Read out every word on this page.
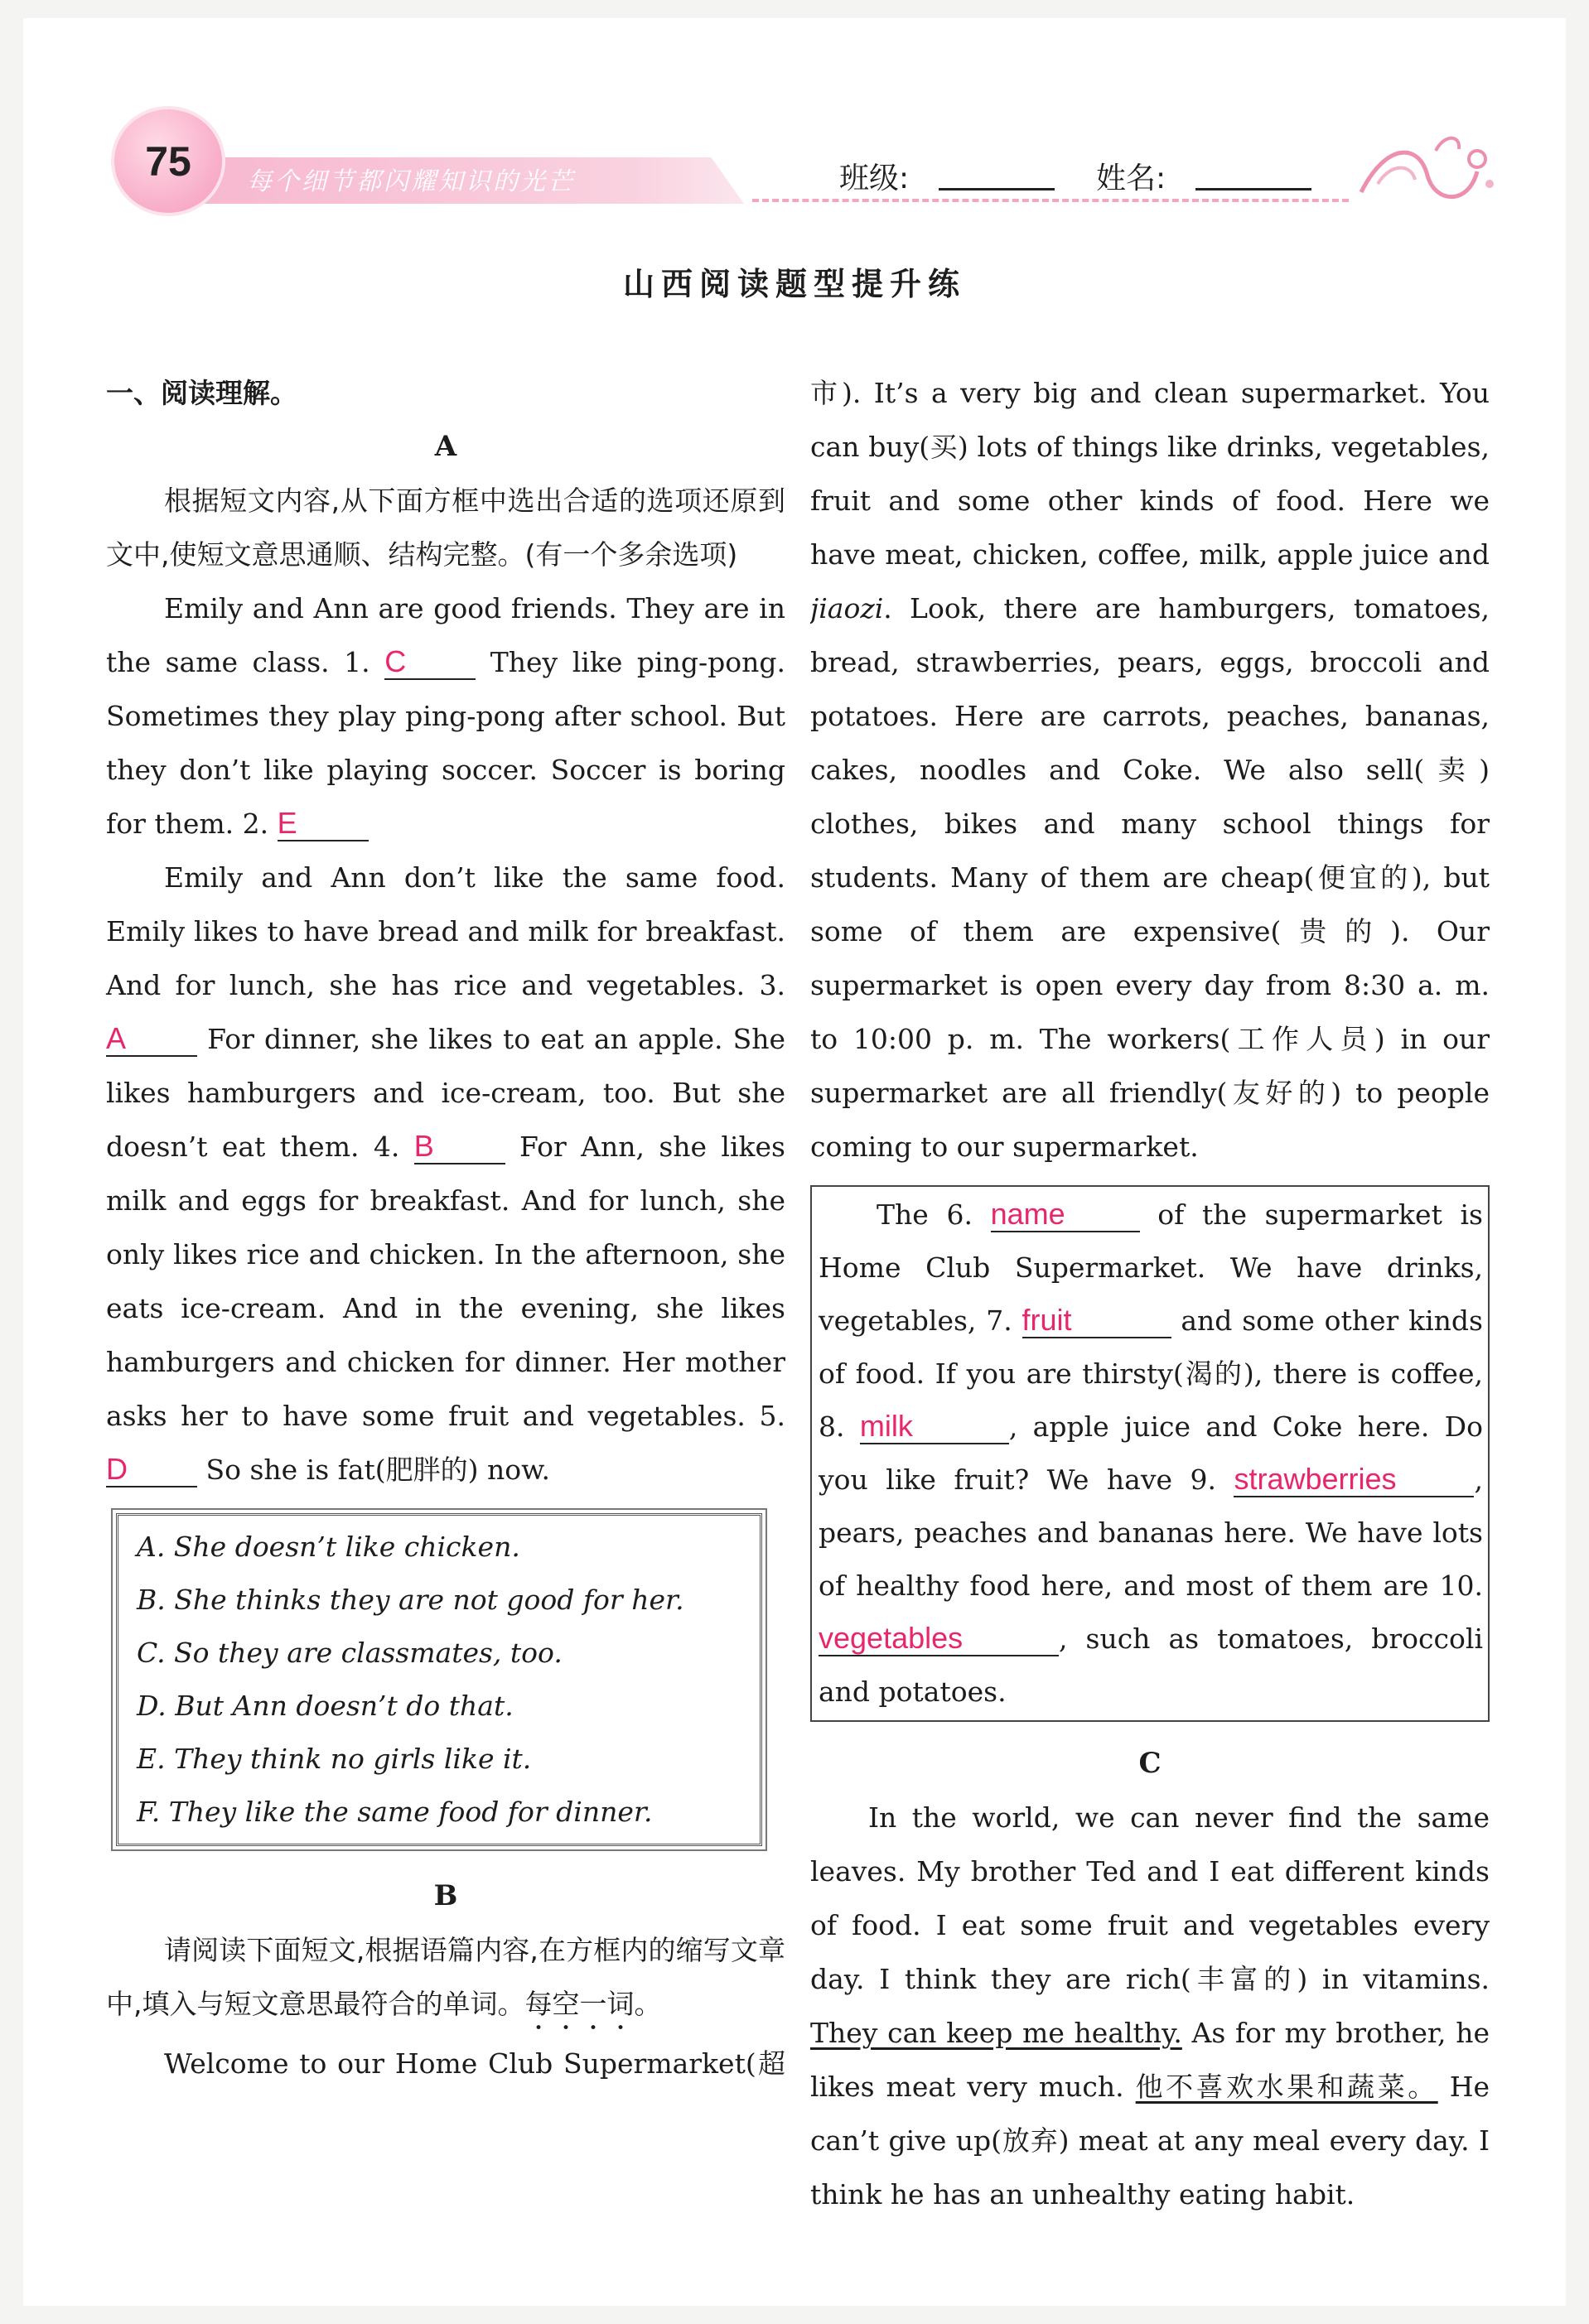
75	每个细节都闪耀知识的光芒	班级:	姓名:
山西阅读题型提升练

一、阅读理解。

A

根据短文内容,从下面方框中选出合适的选项还原到文中,使短文意思通顺、结构完整。(有一个多余选项)

Emily and Ann are good friends. They are in the same class. 1. C	They like ping-pong. Sometimes they play ping-pong after school. But they don’t like playing soccer. Soccer is boring for them. 2. E

Emily and Ann don’t like the same food. Emily likes to have bread and milk for breakfast. And for lunch, she has rice and vegetables. 3. A	For dinner, she likes to eat an apple. She likes hamburgers and ice-cream, too. But she doesn’t eat them. 4. B	For Ann, she likes milk and eggs for breakfast. And for lunch, she only likes rice and chicken. In the afternoon, she eats ice-cream. And in the evening, she likes hamburgers and chicken for dinner. Her mother asks her to have some fruit and vegetables. 5. D	So she is fat(肥胖的) now.

A. She doesn’t like chicken.

B. She thinks they are not good for her.

C. So they are classmates, too.

D. But Ann doesn’t do that.

E. They think no girls like it.

F. They like the same food for dinner.

B

请阅读下面短文,根据语篇内容,在方框内的缩写文章中,填入与短文意思最符合的单词。每空一词。

Welcome to our Home Club Supermarket(超

市). It’s a very big and clean supermarket. You can buy(买) lots of things like drinks, vegetables, fruit and some other kinds of food. Here we have meat, chicken, coffee, milk, apple juice and jiaozi. Look, there are hamburgers, tomatoes, bread, strawberries, pears, eggs, broccoli and potatoes. Here are carrots, peaches, bananas, cakes, noodles and Coke. We also sell(卖) clothes, bikes and many school things for students. Many of them are cheap(便宜的), but some of them are expensive(贵的). Our supermarket is open every day from 8:30 a. m. to 10:00 p. m. The workers(工作人员) in our supermarket are all friendly(友好的) to people coming to our supermarket.

The 6. name	of the supermarket is Home Club Supermarket. We have drinks, vegetables, 7. fruit	and some other kinds of food. If you are thirsty(渴的), there is coffee, 8. milk	, apple juice and Coke here. Do you like fruit? We have 9. strawberries	, pears, peaches and bananas here. We have lots of healthy food here, and most of them are 10. vegetables	, such as tomatoes, broccoli and potatoes.

C

In the world, we can never find the same leaves. My brother Ted and I eat different kinds of food. I eat some fruit and vegetables every day. I think they are rich(丰富的) in vitamins. They can keep me healthy. As for my brother, he likes meat very much. 他不喜欢水果和蔬菜。 He can’t give up(放弃) meat at any meal every day. I think he has an unhealthy eating habit.
